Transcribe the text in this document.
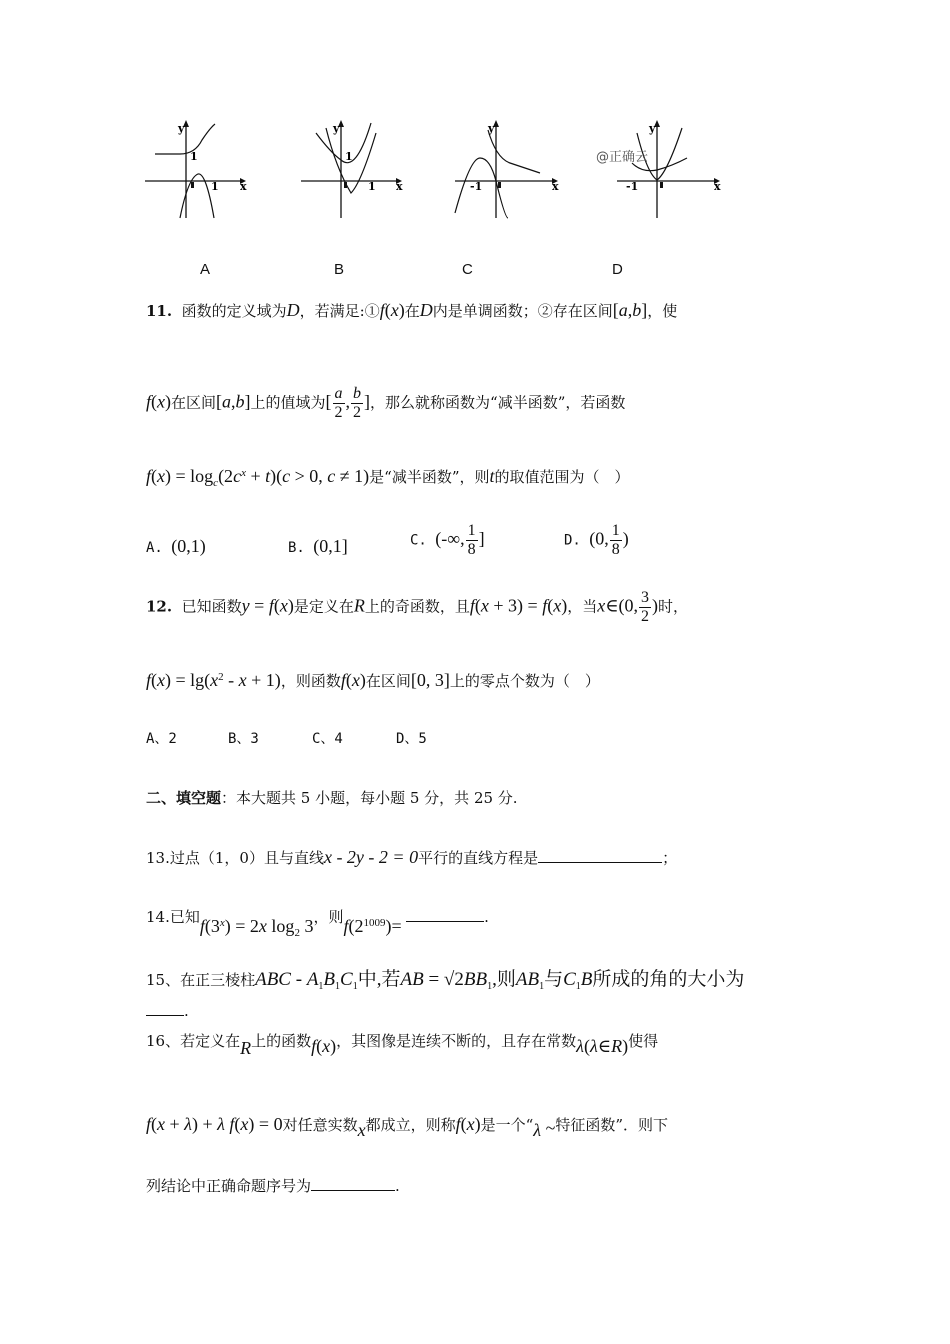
y
x
1
1
y
x
1
1
y
x
-1
y
x
-1
@正确云
A	B	C	D
11. 函数的定义域为D，若满足:①f(x)在D内是单调函数；②存在区间[a,b]，使
f(x)在区间[a,b]上的值域为[ $\frac{a}{2}$ , $\frac{b}{2}$ ]，那么就称函数为“减半函数”，若函数
$f(x) = \log_c(2c^x + t)(c > 0$, c ≠ 1)是“减半函数”，则t的取值范围为（　）
A. (0,1)	B. (0,1]	C. (-∞, $\frac{1}{8}$ ]	D. (0, $\frac{1}{8}$ )
12. 已知函数y = f(x)是定义在R上的奇函数，且f(x + 3) = f(x)，当x∈(0, $\frac{3}{2}$ )时，
$f(x) = \lg(x^2 - x + 1)$，则函数f(x)在区间[0, 3]上的零点个数为（　）
A、2	B、3	C、4	D、5
二、填空题：本大题共 5 小题，每小题 5 分，共 25 分.
13.过点（1，0）且与直线x - 2y - 2 = 0平行的直线方程是	；
14.已知$f(3^x) = 2x$ $\log_2 3$，则$f(2^{1009})=$	.
15、在正三棱柱ABC - $A_1B_1C_1$中,若AB = $√2BB_1$,则$AB_1$与$C_1B$所成的角的大小为
.
16、若定义在R上的函数f(x)，其图像是连续不断的，且存在常数λ(λ∈R)使得
f(x + λ) + λ f(x) = 0对任意实数x都成立，则称f(x)是一个“λ ~特征函数”．则下
列结论中正确命题序号为	.
